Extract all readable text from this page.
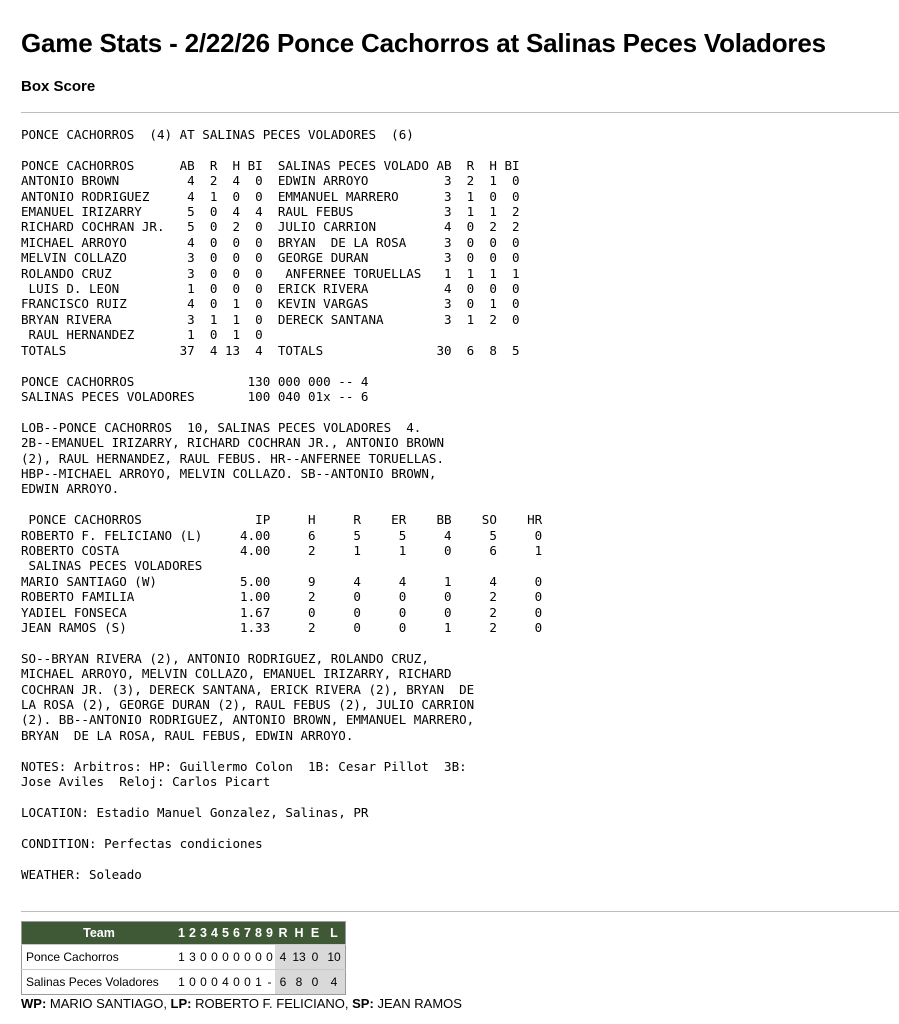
Game Stats - 2/22/26 Ponce Cachorros at Salinas Peces Voladores
Box Score
PONCE CACHORROS  (4) AT SALINAS PECES VOLADORES  (6)

PONCE CACHORROS      AB  R  H BI  SALINAS PECES VOLADO AB  R  H BI
ANTONIO BROWN         4  2  4  0  EDWIN ARROYO          3  2  1  0
ANTONIO RODRIGUEZ     4  1  0  0  EMMANUEL MARRERO      3  1  0  0
EMANUEL IRIZARRY      5  0  4  4  RAUL FEBUS            3  1  1  2
RICHARD COCHRAN JR.   5  0  2  0  JULIO CARRION         4  0  2  2
MICHAEL ARROYO        4  0  0  0  BRYAN  DE LA ROSA     3  0  0  0
MELVIN COLLAZO        3  0  0  0  GEORGE DURAN          3  0  0  0
ROLANDO CRUZ          3  0  0  0   ANFERNEE TORUELLAS   1  1  1  1
LUIS D. LEON         1  0  0  0  ERICK RIVERA          4  0  0  0
FRANCISCO RUIZ        4  0  1  0  KEVIN VARGAS          3  0  1  0
BRYAN RIVERA          3  1  1  0  DERECK SANTANA        3  1  2  0
RAUL HERNANDEZ       1  0  1  0
TOTALS               37  4 13  4  TOTALS               30  6  8  5

PONCE CACHORROS               130 000 000 -- 4
SALINAS PECES VOLADORES       100 040 01x -- 6

LOB--PONCE CACHORROS  10, SALINAS PECES VOLADORES  4.
2B--EMANUEL IRIZARRY, RICHARD COCHRAN JR., ANTONIO BROWN
(2), RAUL HERNANDEZ, RAUL FEBUS. HR--ANFERNEE TORUELLAS.
HBP--MICHAEL ARROYO, MELVIN COLLAZO. SB--ANTONIO BROWN,
EDWIN ARROYO.

PONCE CACHORROS               IP     H     R    ER    BB    SO    HR
ROBERTO F. FELICIANO (L)     4.00     6     5     5     4     5     0
ROBERTO COSTA                4.00     2     1     1     0     6     1
SALINAS PECES VOLADORES
MARIO SANTIAGO (W)           5.00     9     4     4     1     4     0
ROBERTO FAMILIA              1.00     2     0     0     0     2     0
YADIEL FONSECA               1.67     0     0     0     0     2     0
JEAN RAMOS (S)               1.33     2     0     0     1     2     0

SO--BRYAN RIVERA (2), ANTONIO RODRIGUEZ, ROLANDO CRUZ,
MICHAEL ARROYO, MELVIN COLLAZO, EMANUEL IRIZARRY, RICHARD
COCHRAN JR. (3), DERECK SANTANA, ERICK RIVERA (2), BRYAN  DE
LA ROSA (2), GEORGE DURAN (2), RAUL FEBUS (2), JULIO CARRION
(2). BB--ANTONIO RODRIGUEZ, ANTONIO BROWN, EMMANUEL MARRERO,
BRYAN  DE LA ROSA, RAUL FEBUS, EDWIN ARROYO.

NOTES: Arbitros: HP: Guillermo Colon  1B: Cesar Pillot  3B:
Jose Aviles  Reloj: Carlos Picart

LOCATION: Estadio Manuel Gonzalez, Salinas, PR

CONDITION: Perfectas condiciones

WEATHER: Soleado
Team	1	2	3	4	5	6	7	8	9	R	H	E	L
Ponce Cachorros	1	3	0	0	0	0	0	0	0	4	13	0	10
Salinas Peces Voladores	1	0	0	0	4	0	0	1	-	6	8	0	4

WP: MARIO SANTIAGO, LP: ROBERTO F. FELICIANO, SP: JEAN RAMOS
